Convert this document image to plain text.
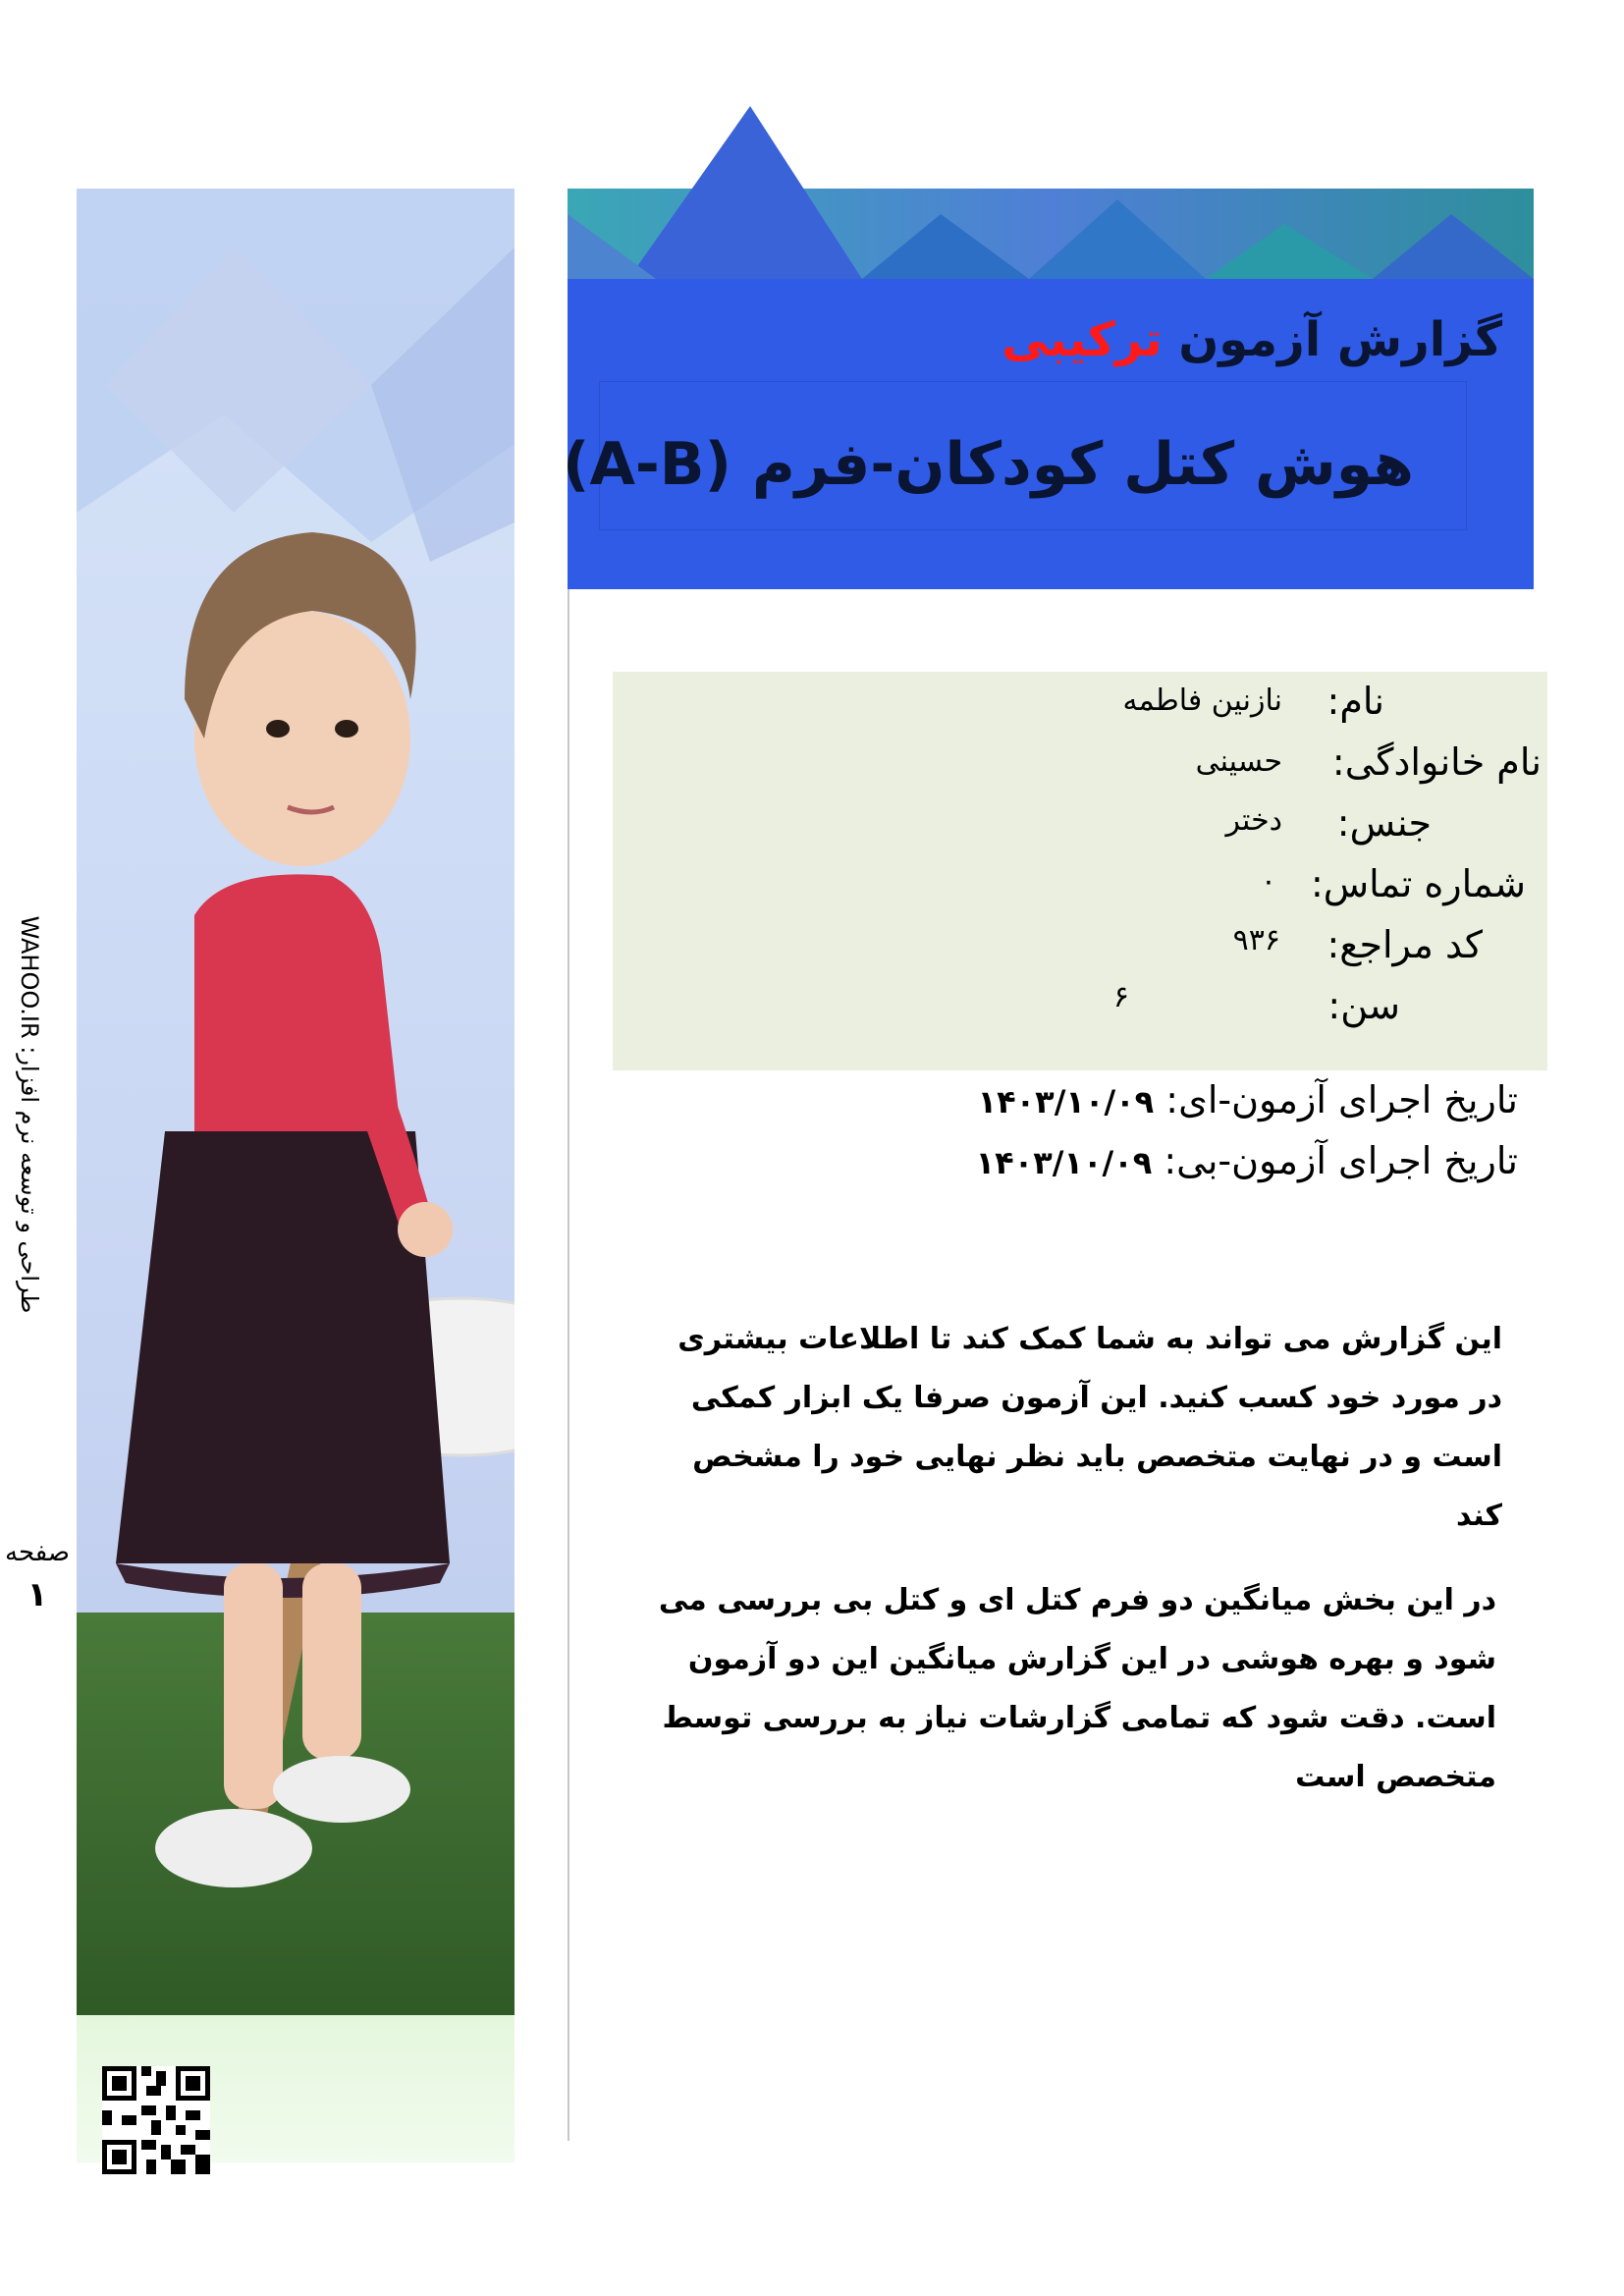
گزارش آزمون ترکیبی
هوش کتل کودکان-فرم (A-B)
نام:
نازنین فاطمه
نام خانوادگی:
حسینی
جنس:
دختر
شماره تماس:
۰
کد مراجع:
۹۳۶
سن:
۶
تاریخ اجرای آزمون-ای: ۱۴۰۳/۱۰/۰۹
تاریخ اجرای آزمون-بی: ۱۴۰۳/۱۰/۰۹
این گزارش می تواند به شما کمک کند تا اطلاعات بیشتری در مورد خود کسب کنید. این آزمون صرفا یک ابزار کمکی است و در نهایت متخصص باید نظر نهایی خود را مشخص کند
در این بخش میانگین دو فرم کتل ای و کتل بی بررسی می شود و بهره هوشی در این گزارش میانگین این دو آزمون است. دقت شود که تمامی گزارشات نیاز به بررسی توسط متخصص است
طراحی و توسعه نرم افزار: WAHOO.IR
صفحه
۱
